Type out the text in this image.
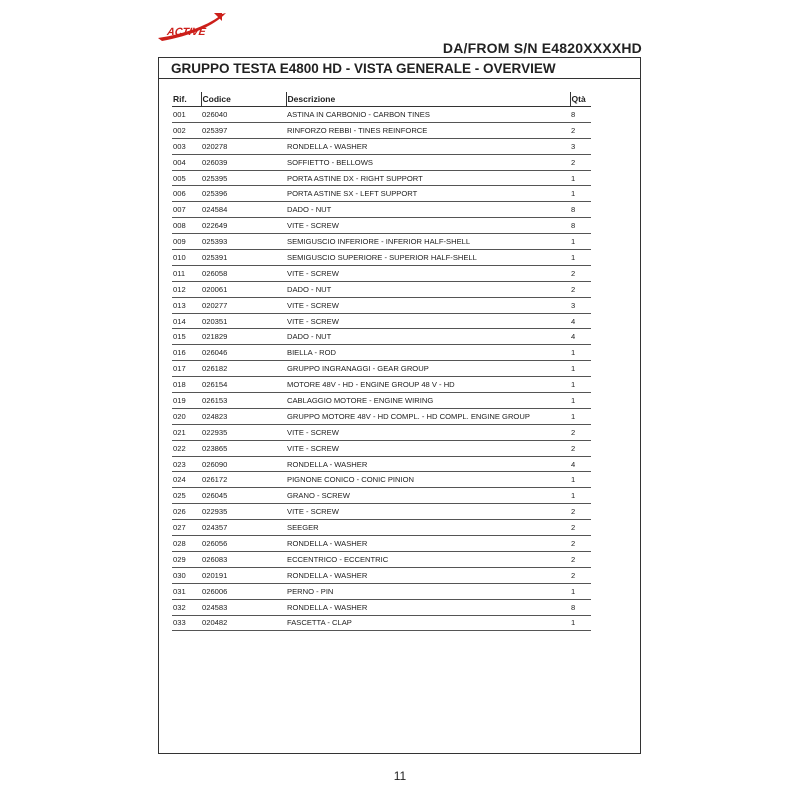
ACTIVE
DA/FROM S/N E4820XXXXHD
GRUPPO TESTA E4800 HD - VISTA GENERALE - OVERVIEW
Rif.	Codice	Descrizione	Qtà
001	026040	ASTINA IN CARBONIO - CARBON TINES	8
002	025397	RINFORZO REBBI - TINES REINFORCE	2
003	020278	RONDELLA - WASHER	3
004	026039	SOFFIETTO - BELLOWS	2
005	025395	PORTA ASTINE DX - RIGHT SUPPORT	1
006	025396	PORTA ASTINE SX - LEFT SUPPORT	1
007	024584	DADO - NUT	8
008	022649	VITE - SCREW	8
009	025393	SEMIGUSCIO INFERIORE - INFERIOR HALF-SHELL	1
010	025391	SEMIGUSCIO SUPERIORE - SUPERIOR HALF-SHELL	1
011	026058	VITE - SCREW	2
012	020061	DADO - NUT	2
013	020277	VITE - SCREW	3
014	020351	VITE - SCREW	4
015	021829	DADO - NUT	4
016	026046	BIELLA - ROD	1
017	026182	GRUPPO INGRANAGGI - GEAR GROUP	1
018	026154	MOTORE 48V - HD - ENGINE GROUP 48 V - HD	1
019	026153	CABLAGGIO MOTORE - ENGINE WIRING	1
020	024823	GRUPPO MOTORE 48V - HD COMPL. - HD COMPL. ENGINE GROUP	1
021	022935	VITE - SCREW	2
022	023865	VITE - SCREW	2
023	026090	RONDELLA - WASHER	4
024	026172	PIGNONE CONICO - CONIC PINION	1
025	026045	GRANO - SCREW	1
026	022935	VITE - SCREW	2
027	024357	SEEGER	2
028	026056	RONDELLA - WASHER	2
029	026083	ECCENTRICO - ECCENTRIC	2
030	020191	RONDELLA - WASHER	2
031	026006	PERNO - PIN	1
032	024583	RONDELLA - WASHER	8
033	020482	FASCETTA - CLAP	1
11
